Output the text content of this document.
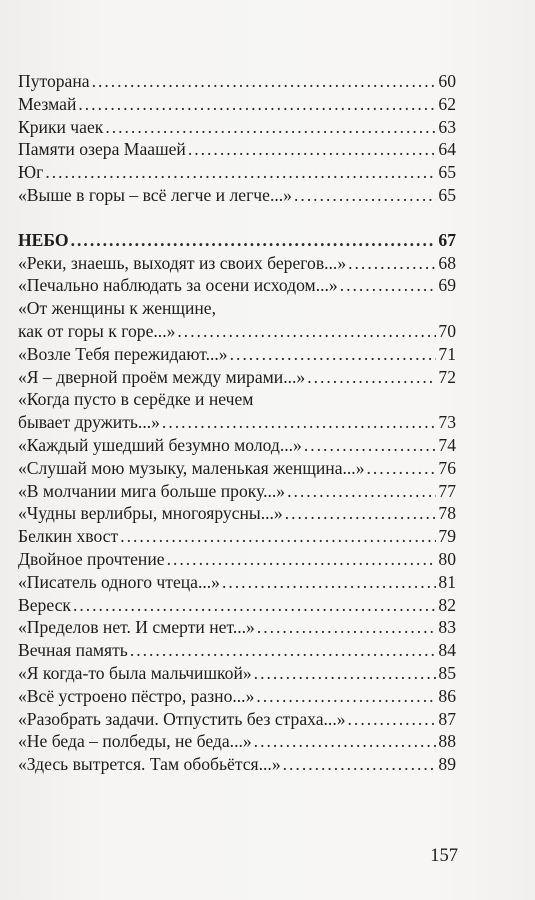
Путорана . . .	60
Мезмай . . .	62
Крики чаек . . .	63
Памяти озера Маашей . . .	64
Юг . . .	65
«Выше в горы – всё легче и легче...» . . .	65
НЕБО . . .	67
«Реки, знаешь, выходят из своих берегов...» . . .	68
«Печально наблюдать за осени исходом...» . . .	69
«От женщины к женщине,
как от горы к горе...» . . .	70
«Возле Тебя пережидают...» . . .	71
«Я – дверной проём между мирами...» . . .	72
«Когда пусто в серёдке и нечем
бывает дружить...» . . .	73
«Каждый ушедший безумно молод...» . . .	74
«Слушай мою музыку, маленькая женщина...» . . .	76
«В молчании мига больше проку...» . . .	77
«Чудны верлибры, многоярусны...» . . .	78
Белкин хвост . . .	79
Двойное прочтение . . .	80
«Писатель одного чтеца...» . . .	81
Вереск . . .	82
«Пределов нет. И смерти нет...» . . .	83
Вечная память . . .	84
«Я когда-то была мальчишкой» . . .	85
«Всё устроено пёстро, разно...» . . .	86
«Разобрать задачи. Отпустить без страха...» . . .	87
«Не беда – полбеды, не беда...» . . .	88
«Здесь вытрется. Там обобьётся...» . . .	89
157
